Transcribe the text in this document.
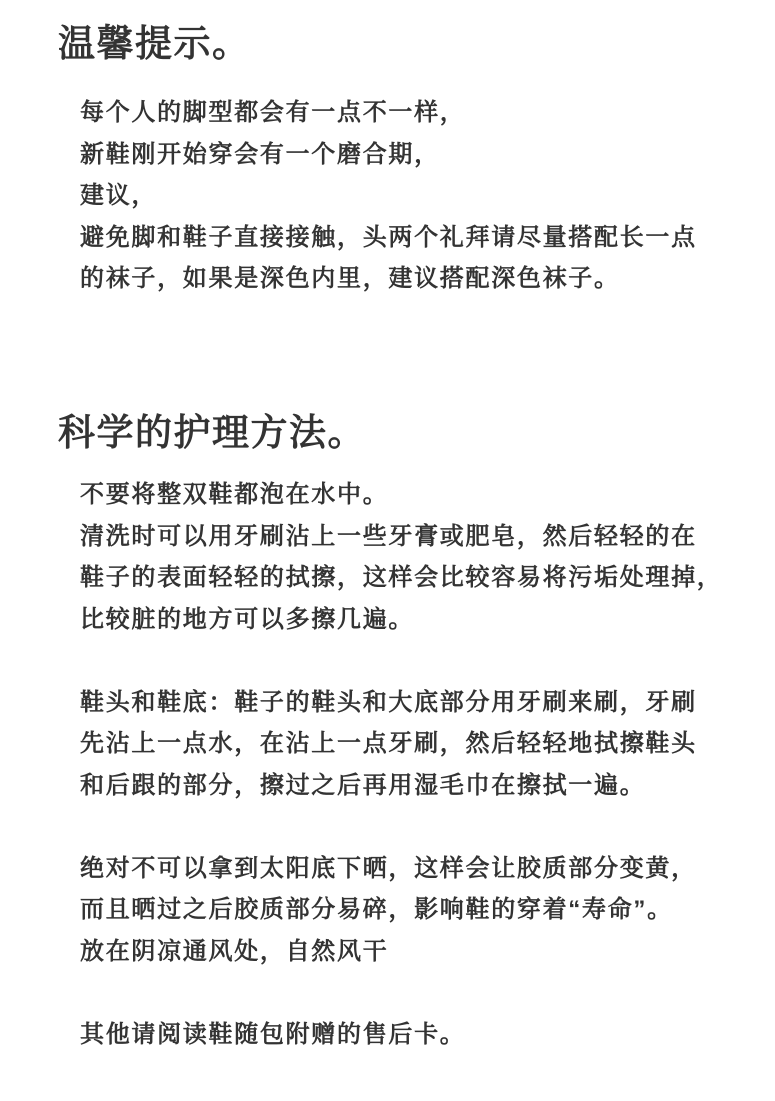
温馨提示。

每个人的脚型都会有一点不一样，

新鞋刚开始穿会有一个磨合期，

建议，

避免脚和鞋子直接接触，头两个礼拜请尽量搭配长一点

的袜子，如果是深色内里，建议搭配深色袜子。

科学的护理方法。

不要将整双鞋都泡在水中。

清洗时可以用牙刷沾上一些牙膏或肥皂，然后轻轻的在

鞋子的表面轻轻的拭擦，这样会比较容易将污垢处理掉，

比较脏的地方可以多擦几遍。

鞋头和鞋底：鞋子的鞋头和大底部分用牙刷来刷，牙刷

先沾上一点水，在沾上一点牙刷，然后轻轻地拭擦鞋头

和后跟的部分，擦过之后再用湿毛巾在擦拭一遍。

绝对不可以拿到太阳底下晒，这样会让胶质部分变黄，

而且晒过之后胶质部分易碎，影响鞋的穿着“寿命”。

放在阴凉通风处，自然风干

其他请阅读鞋随包附赠的售后卡。
